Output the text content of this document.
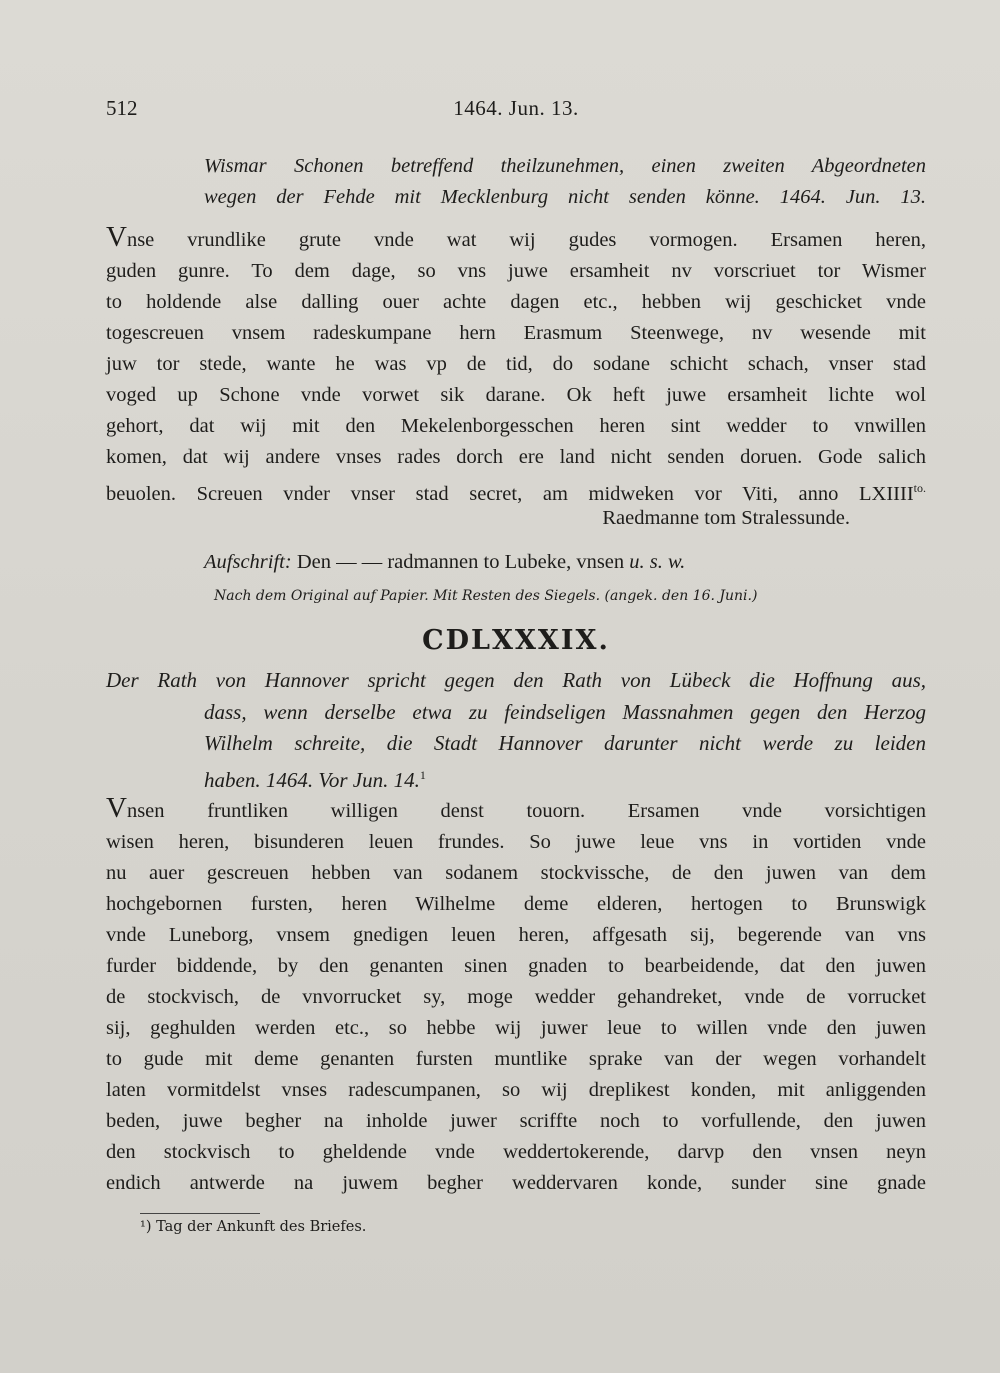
512	1464. Jun. 13.
Wismar Schonen betreffend theilzunehmen, einen zweiten Abgeordneten
wegen der Fehde mit Mecklenburg nicht senden könne. 1464. Jun. 13.
Vnse vrundlike grute vnde wat wij gudes vormogen. Ersamen heren,
guden gunre. To dem dage, so vns juwe ersamheit nv vorscriuet tor Wismer
to holdende alse dalling ouer achte dagen etc., hebben wij geschicket vnde
togescreuen vnsem radeskumpane hern Erasmum Steenwege, nv wesende mit
juw tor stede, wante he was vp de tid, do sodane schicht schach, vnser stad
voged up Schone vnde vorwet sik darane. Ok heft juwe ersamheit lichte wol
gehort, dat wij mit den Mekelenborgesschen heren sint wedder to vnwillen
komen, dat wij andere vnses rades dorch ere land nicht senden doruen. Gode salich
beuolen. Screuen vnder vnser stad secret, am midweken vor Viti, anno $LXIIII^{to.}$
Raedmanne tom Stralessunde.
Aufschrift: Den — — radmannen to Lubeke, vnsen u. s. w.
Nach dem Original auf Papier. Mit Resten des Siegels. (angek. den 16. Juni.)
CDLXXXIX.
Der Rath von Hannover spricht gegen den Rath von Lübeck die Hoffnung aus,
dass, wenn derselbe etwa zu feindseligen Massnahmen gegen den Herzog
Wilhelm schreite, die Stadt Hannover darunter nicht werde zu leiden
haben. 1464. Vor Jun. 14.$^1$
Vnsen fruntliken willigen denst touorn. Ersamen vnde vorsichtigen
wisen heren, bisunderen leuen frundes. So juwe leue vns in vortiden vnde
nu auer gescreuen hebben van sodanem stockvissche, de den juwen van dem
hochgebornen fursten, heren Wilhelme deme elderen, hertogen to Brunswigk
vnde Luneborg, vnsem gnedigen leuen heren, affgesath sij, begerende van vns
furder biddende, by den genanten sinen gnaden to bearbeidende, dat den juwen
de stockvisch, de vnvorrucket sy, moge wedder gehandreket, vnde de vorrucket
sij, geghulden werden etc., so hebbe wij juwer leue to willen vnde den juwen
to gude mit deme genanten fursten muntlike sprake van der wegen vorhandelt
laten vormitdelst vnses radescumpanen, so wij dreplikest konden, mit anliggenden
beden, juwe begher na inholde juwer scriffte noch to vorfullende, den juwen
den stockvisch to gheldende vnde weddertokerende, darvp den vnsen neyn
endich antwerde na juwem begher weddervaren konde, sunder sine gnade
¹) Tag der Ankunft des Briefes.
